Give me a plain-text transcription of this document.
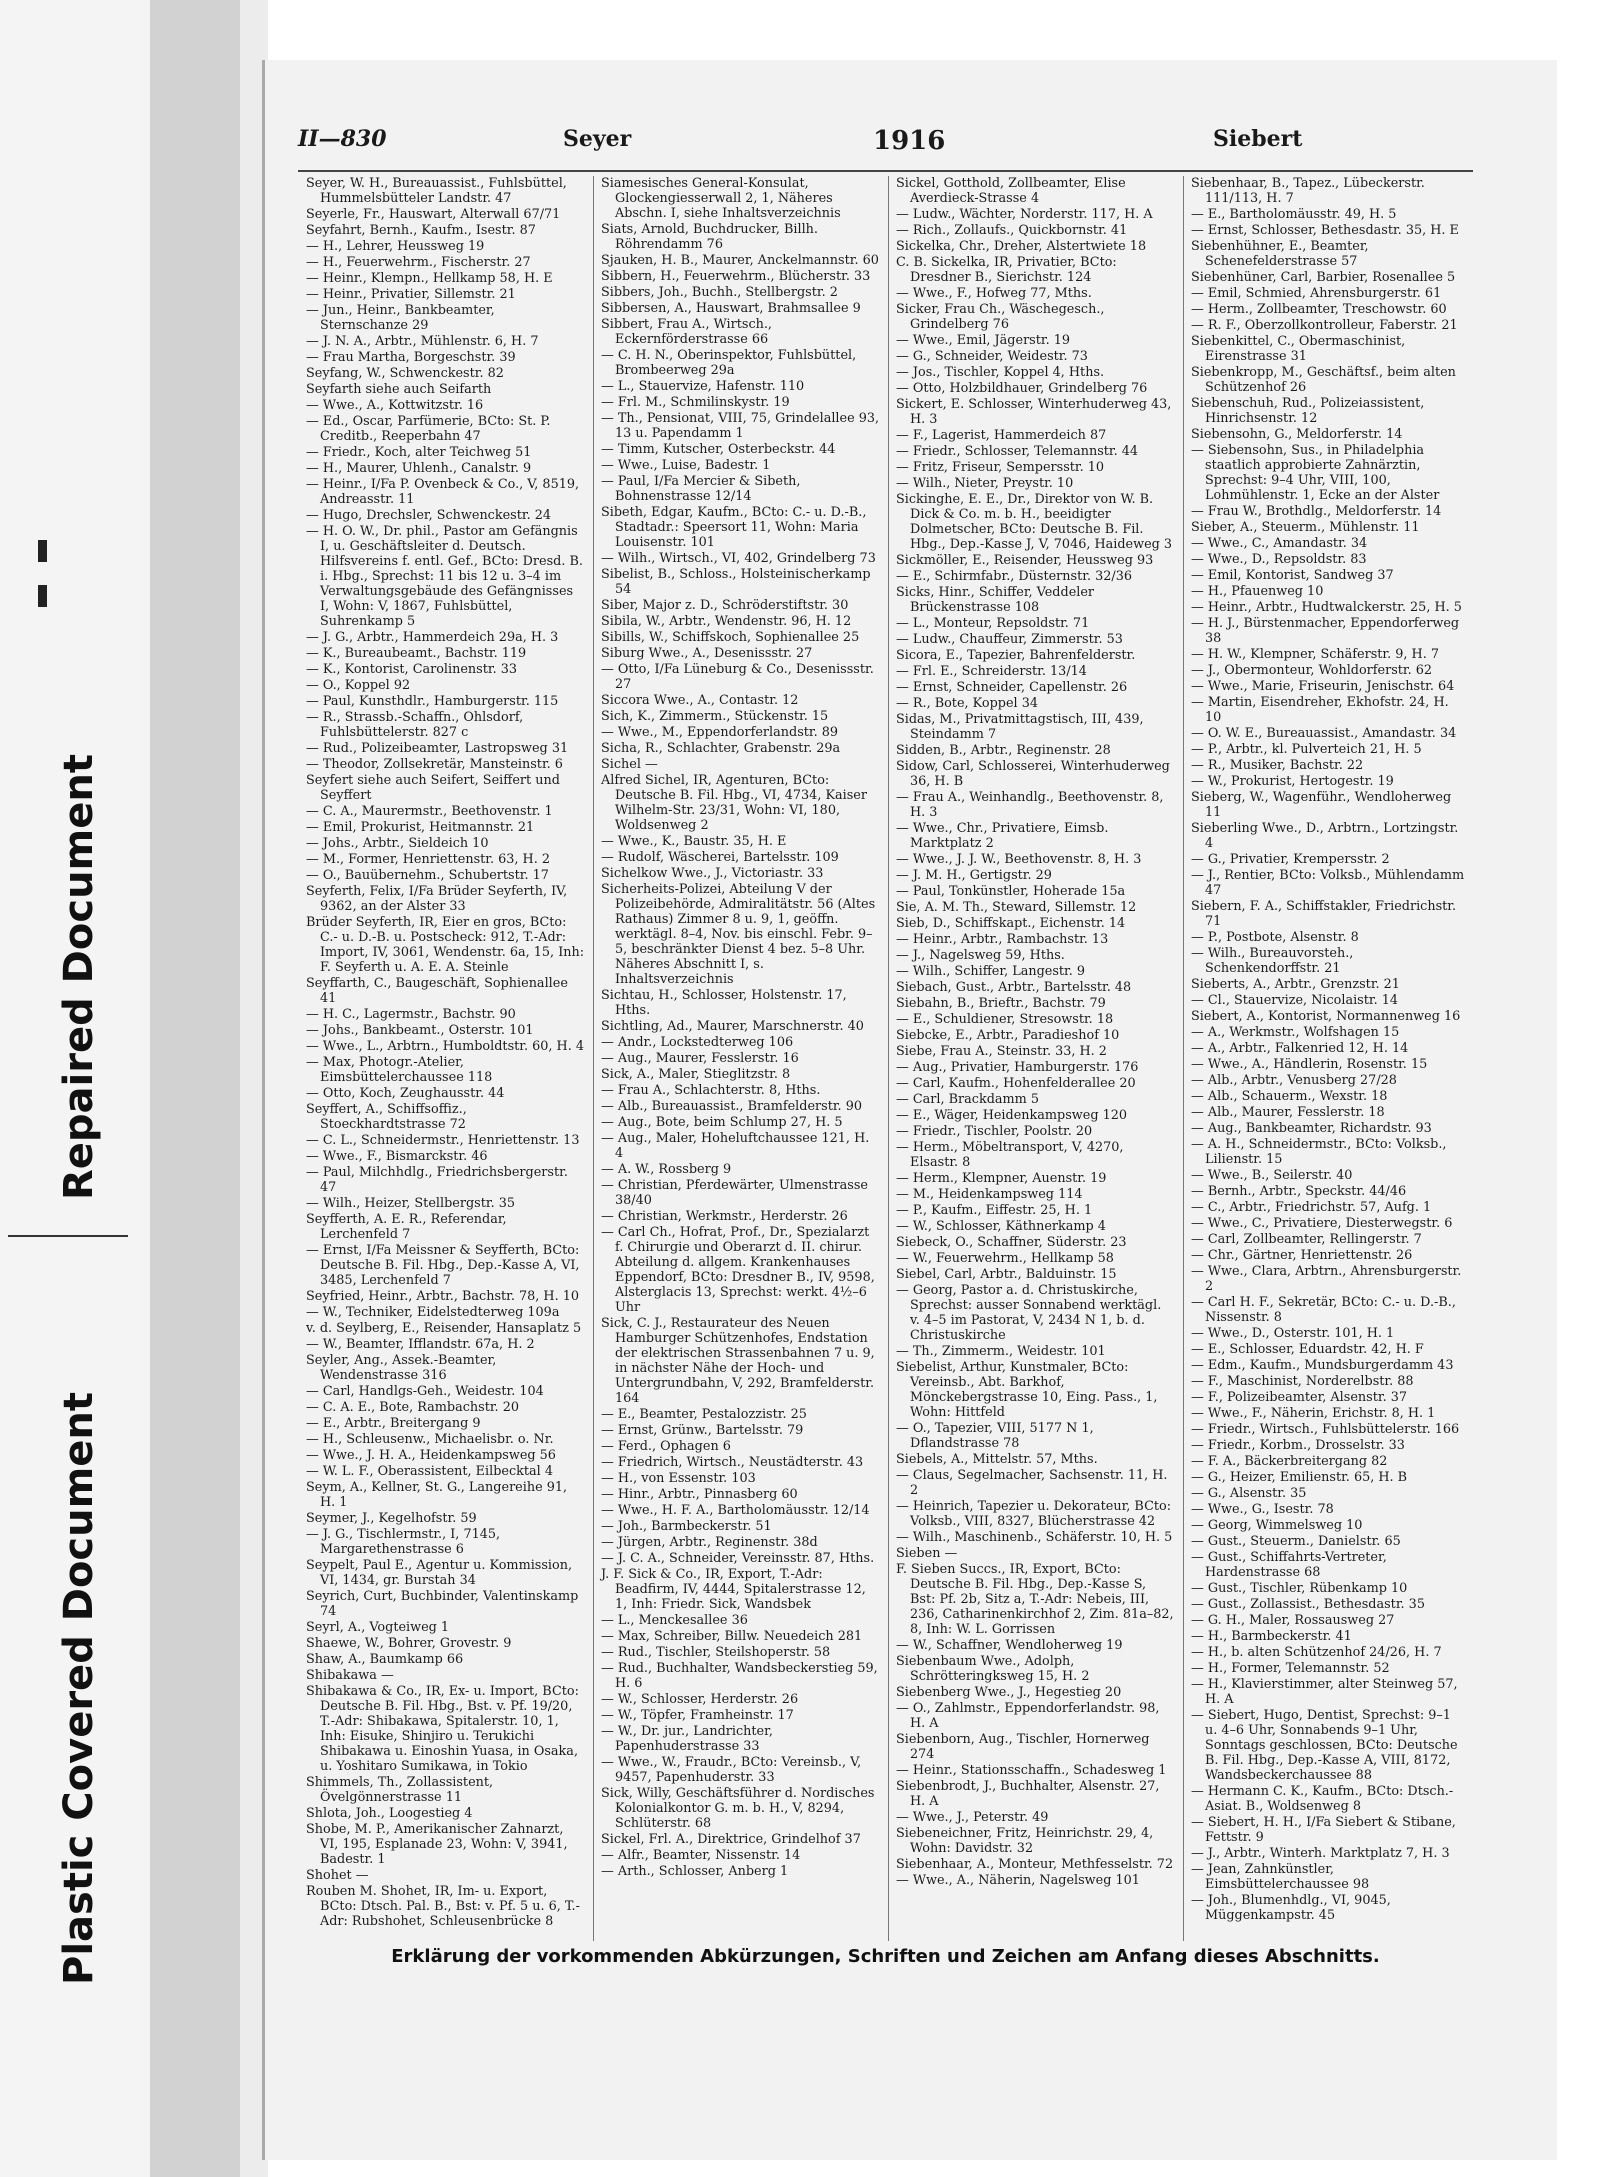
Repaired Document
Plastic Covered Document
II—830	Seyer	1916	Siebert
Seyer, W. H., Bureauassist., Fuhlsbüttel, Hummelsbütteler Landstr. 47
Seyerle, Fr., Hauswart, Alterwall 67/71
Seyfahrt, Bernh., Kaufm., Isestr. 87
— H., Lehrer, Heussweg 19
— H., Feuerwehrm., Fischerstr. 27
— Heinr., Klempn., Hellkamp 58, H. E
— Heinr., Privatier, Sillemstr. 21
— Jun., Heinr., Bankbeamter, Sternschanze 29
— J. N. A., Arbtr., Mühlenstr. 6, H. 7
— Frau Martha, Borgeschstr. 39
Seyfang, W., Schwenckestr. 82
Seyfarth siehe auch Seifarth
— Wwe., A., Kottwitzstr. 16
— Ed., Oscar, Parfümerie, BCto: St. P. Creditb., Reeperbahn 47
— Friedr., Koch, alter Teichweg 51
— H., Maurer, Uhlenh., Canalstr. 9
— Heinr., I/Fa P. Ovenbeck & Co., V, 8519, Andreasstr. 11
— Hugo, Drechsler, Schwenckestr. 24
— H. O. W., Dr. phil., Pastor am Gefängnis I, u. Geschäftsleiter d. Deutsch. Hilfsvereins f. entl. Gef., BCto: Dresd. B. i. Hbg., Sprechst: 11 bis 12 u. 3–4 im Verwaltungsgebäude des Gefängnisses I, Wohn: V, 1867, Fuhlsbüttel, Suhrenkamp 5
— J. G., Arbtr., Hammerdeich 29a, H. 3
— K., Bureaubeamt., Bachstr. 119
— K., Kontorist, Carolinenstr. 33
— O., Koppel 92
— Paul, Kunsthdlr., Hamburgerstr. 115
— R., Strassb.-Schaffn., Ohlsdorf, Fuhlsbüttelerstr. 827 c
— Rud., Polizeibeamter, Lastropsweg 31
— Theodor, Zollsekretär, Mansteinstr. 6
Seyfert siehe auch Seifert, Seiffert und Seyffert
— C. A., Maurermstr., Beethovenstr. 1
— Emil, Prokurist, Heitmannstr. 21
— Johs., Arbtr., Sieldeich 10
— M., Former, Henriettenstr. 63, H. 2
— O., Bauübernehm., Schubertstr. 17
Seyferth, Felix, I/Fa Brüder Seyferth, IV, 9362, an der Alster 33
Brüder Seyferth, IR, Eier en gros, BCto: C.- u. D.-B. u. Postscheck: 912, T.-Adr: Import, IV, 3061, Wendenstr. 6a, 15, Inh: F. Seyferth u. A. E. A. Steinle
Seyffarth, C., Baugeschäft, Sophienallee 41
— H. C., Lagermstr., Bachstr. 90
— Johs., Bankbeamt., Osterstr. 101
— Wwe., L., Arbtrn., Humboldtstr. 60, H. 4
— Max, Photogr.-Atelier, Eimsbüttelerchaussee 118
— Otto, Koch, Zeughausstr. 44
Seyffert, A., Schiffsoffiz., Stoeckhardtstrasse 72
— C. L., Schneidermstr., Henriettenstr. 13
— Wwe., F., Bismarckstr. 46
— Paul, Milchhdlg., Friedrichsbergerstr. 47
— Wilh., Heizer, Stellbergstr. 35
Seyfferth, A. E. R., Referendar, Lerchenfeld 7
— Ernst, I/Fa Meissner & Seyfferth, BCto: Deutsche B. Fil. Hbg., Dep.-Kasse A, VI, 3485, Lerchenfeld 7
Seyfried, Heinr., Arbtr., Bachstr. 78, H. 10
— W., Techniker, Eidelstedterweg 109a
v. d. Seylberg, E., Reisender, Hansaplatz 5
— W., Beamter, Ifflandstr. 67a, H. 2
Seyler, Ang., Assek.-Beamter, Wendenstrasse 316
— Carl, Handlgs-Geh., Weidestr. 104
— C. A. E., Bote, Rambachstr. 20
— E., Arbtr., Breitergang 9
— H., Schleusenw., Michaelisbr. o. Nr.
— Wwe., J. H. A., Heidenkampsweg 56
— W. L. F., Oberassistent, Eilbecktal 4
Seym, A., Kellner, St. G., Langereihe 91, H. 1
Seymer, J., Kegelhofstr. 59
— J. G., Tischlermstr., I, 7145, Margarethenstrasse 6
Seypelt, Paul E., Agentur u. Kommission, VI, 1434, gr. Burstah 34
Seyrich, Curt, Buchbinder, Valentinskamp 74
Seyrl, A., Vogteiweg 1
Shaewe, W., Bohrer, Grovestr. 9
Shaw, A., Baumkamp 66
Shibakawa —
Shibakawa & Co., IR, Ex- u. Import, BCto: Deutsche B. Fil. Hbg., Bst. v. Pf. 19/20, T.-Adr: Shibakawa, Spitalerstr. 10, 1, Inh: Eisuke, Shinjiro u. Terukichi Shibakawa u. Einoshin Yuasa, in Osaka, u. Yoshitaro Sumikawa, in Tokio
Shimmels, Th., Zollassistent, Övelgönnerstrasse 11
Shlota, Joh., Loogestieg 4
Shobe, M. P., Amerikanischer Zahnarzt, VI, 195, Esplanade 23, Wohn: V, 3941, Badestr. 1
Shohet —
Rouben M. Shohet, IR, Im- u. Export, BCto: Dtsch. Pal. B., Bst: v. Pf. 5 u. 6, T.-Adr: Rubshohet, Schleusenbrücke 8
Siamesisches General-Konsulat, Glockengiesserwall 2, 1, Näheres Abschn. I, siehe Inhaltsverzeichnis
Siats, Arnold, Buchdrucker, Billh. Röhrendamm 76
Sjauken, H. B., Maurer, Anckelmannstr. 60
Sibbern, H., Feuerwehrm., Blücherstr. 33
Sibbers, Joh., Buchh., Stellbergstr. 2
Sibbersen, A., Hauswart, Brahmsallee 9
Sibbert, Frau A., Wirtsch., Eckernförderstrasse 66
— C. H. N., Oberinspektor, Fuhlsbüttel, Brombeerweg 29a
— L., Stauervize, Hafenstr. 110
— Frl. M., Schmilinskystr. 19
— Th., Pensionat, VIII, 75, Grindelallee 93, 13 u. Papendamm 1
— Timm, Kutscher, Osterbeckstr. 44
— Wwe., Luise, Badestr. 1
— Paul, I/Fa Mercier & Sibeth, Bohnenstrasse 12/14
Sibeth, Edgar, Kaufm., BCto: C.- u. D.-B., Stadtadr.: Speersort 11, Wohn: Maria Louisenstr. 101
— Wilh., Wirtsch., VI, 402, Grindelberg 73
Sibelist, B., Schloss., Holsteinischerkamp 54
Siber, Major z. D., Schröderstiftstr. 30
Sibila, W., Arbtr., Wendenstr. 96, H. 12
Sibills, W., Schiffskoch, Sophienallee 25
Siburg Wwe., A., Desenissstr. 27
— Otto, I/Fa Lüneburg & Co., Desenissstr. 27
Siccora Wwe., A., Contastr. 12
Sich, K., Zimmerm., Stückenstr. 15
— Wwe., M., Eppendorferlandstr. 89
Sicha, R., Schlachter, Grabenstr. 29a
Sichel —
Alfred Sichel, IR, Agenturen, BCto: Deutsche B. Fil. Hbg., VI, 4734, Kaiser Wilhelm-Str. 23/31, Wohn: VI, 180, Woldsenweg 2
— Wwe., K., Baustr. 35, H. E
— Rudolf, Wäscherei, Bartelsstr. 109
Sichelkow Wwe., J., Victoriastr. 33
Sicherheits-Polizei, Abteilung V der Polizeibehörde, Admiralitätstr. 56 (Altes Rathaus) Zimmer 8 u. 9, 1, geöffn. werktägl. 8–4, Nov. bis einschl. Febr. 9–5, beschränkter Dienst 4 bez. 5–8 Uhr. Näheres Abschnitt I, s. Inhaltsverzeichnis
Sichtau, H., Schlosser, Holstenstr. 17, Hths.
Sichtling, Ad., Maurer, Marschnerstr. 40
— Andr., Lockstedterweg 106
— Aug., Maurer, Fesslerstr. 16
Sick, A., Maler, Stieglitzstr. 8
— Frau A., Schlachterstr. 8, Hths.
— Alb., Bureauassist., Bramfelderstr. 90
— Aug., Bote, beim Schlump 27, H. 5
— Aug., Maler, Hoheluftchaussee 121, H. 4
— A. W., Rossberg 9
— Christian, Pferdewärter, Ulmenstrasse 38/40
— Christian, Werkmstr., Herderstr. 26
— Carl Ch., Hofrat, Prof., Dr., Spezialarzt f. Chirurgie und Oberarzt d. II. chirur. Abteilung d. allgem. Krankenhauses Eppendorf, BCto: Dresdner B., IV, 9598, Alsterglacis 13, Sprechst: werkt. 4½–6 Uhr
Sick, C. J., Restaurateur des Neuen Hamburger Schützenhofes, Endstation der elektrischen Strassenbahnen 7 u. 9, in nächster Nähe der Hoch- und Untergrundbahn, V, 292, Bramfelderstr. 164
— E., Beamter, Pestalozzistr. 25
— Ernst, Grünw., Bartelsstr. 79
— Ferd., Ophagen 6
— Friedrich, Wirtsch., Neustädterstr. 43
— H., von Essenstr. 103
— Hinr., Arbtr., Pinnasberg 60
— Wwe., H. F. A., Bartholomäusstr. 12/14
— Joh., Barmbeckerstr. 51
— Jürgen, Arbtr., Reginenstr. 38d
— J. C. A., Schneider, Vereinsstr. 87, Hths.
J. F. Sick & Co., IR, Export, T.-Adr: Beadfirm, IV, 4444, Spitalerstrasse 12, 1, Inh: Friedr. Sick, Wandsbek
— L., Menckesallee 36
— Max, Schreiber, Billw. Neuedeich 281
— Rud., Tischler, Steilshoperstr. 58
— Rud., Buchhalter, Wandsbeckerstieg 59, H. 6
— W., Schlosser, Herderstr. 26
— W., Töpfer, Framheinstr. 17
— W., Dr. jur., Landrichter, Papenhuderstrasse 33
— Wwe., W., Fraudr., BCto: Vereinsb., V, 9457, Papenhuderstr. 33
Sick, Willy, Geschäftsführer d. Nordisches Kolonialkontor G. m. b. H., V, 8294, Schlüterstr. 68
Sickel, Frl. A., Direktrice, Grindelhof 37
— Alfr., Beamter, Nissenstr. 14
— Arth., Schlosser, Anberg 1
Sickel, Gotthold, Zollbeamter, Elise Averdieck-Strasse 4
— Ludw., Wächter, Norderstr. 117, H. A
— Rich., Zollaufs., Quickbornstr. 41
Sickelka, Chr., Dreher, Alstertwiete 18
C. B. Sickelka, IR, Privatier, BCto: Dresdner B., Sierichstr. 124
— Wwe., F., Hofweg 77, Mths.
Sicker, Frau Ch., Wäschegesch., Grindelberg 76
— Wwe., Emil, Jägerstr. 19
— G., Schneider, Weidestr. 73
— Jos., Tischler, Koppel 4, Hths.
— Otto, Holzbildhauer, Grindelberg 76
Sickert, E. Schlosser, Winterhuderweg 43, H. 3
— F., Lagerist, Hammerdeich 87
— Friedr., Schlosser, Telemannstr. 44
— Fritz, Friseur, Sempersstr. 10
— Wilh., Nieter, Preystr. 10
Sickinghe, E. E., Dr., Direktor von W. B. Dick & Co. m. b. H., beeidigter Dolmetscher, BCto: Deutsche B. Fil. Hbg., Dep.-Kasse J, V, 7046, Haideweg 3
Sickmöller, E., Reisender, Heussweg 93
— E., Schirmfabr., Düsternstr. 32/36
Sicks, Hinr., Schiffer, Veddeler Brückenstrasse 108
— L., Monteur, Repsoldstr. 71
— Ludw., Chauffeur, Zimmerstr. 53
Sicora, E., Tapezier, Bahrenfelderstr.
— Frl. E., Schreiderstr. 13/14
— Ernst, Schneider, Capellenstr. 26
— R., Bote, Koppel 34
Sidas, M., Privatmittagstisch, III, 439, Steindamm 7
Sidden, B., Arbtr., Reginenstr. 28
Sidow, Carl, Schlosserei, Winterhuderweg 36, H. B
— Frau A., Weinhandlg., Beethovenstr. 8, H. 3
— Wwe., Chr., Privatiere, Eimsb. Marktplatz 2
— Wwe., J. J. W., Beethovenstr. 8, H. 3
— J. M. H., Gertigstr. 29
— Paul, Tonkünstler, Hoherade 15a
Sie, A. M. Th., Steward, Sillemstr. 12
Sieb, D., Schiffskapt., Eichenstr. 14
— Heinr., Arbtr., Rambachstr. 13
— J., Nagelsweg 59, Hths.
— Wilh., Schiffer, Langestr. 9
Siebach, Gust., Arbtr., Bartelsstr. 48
Siebahn, B., Brieftr., Bachstr. 79
— E., Schuldiener, Stresowstr. 18
Siebcke, E., Arbtr., Paradieshof 10
Siebe, Frau A., Steinstr. 33, H. 2
— Aug., Privatier, Hamburgerstr. 176
— Carl, Kaufm., Hohenfelderallee 20
— Carl, Brackdamm 5
— E., Wäger, Heidenkampsweg 120
— Friedr., Tischler, Poolstr. 20
— Herm., Möbeltransport, V, 4270, Elsastr. 8
— Herm., Klempner, Auenstr. 19
— M., Heidenkampsweg 114
— P., Kaufm., Eiffestr. 25, H. 1
— W., Schlosser, Käthnerkamp 4
Siebeck, O., Schaffner, Süderstr. 23
— W., Feuerwehrm., Hellkamp 58
Siebel, Carl, Arbtr., Balduinstr. 15
— Georg, Pastor a. d. Christuskirche, Sprechst: ausser Sonnabend werktägl. v. 4–5 im Pastorat, V, 2434 N 1, b. d. Christuskirche
— Th., Zimmerm., Weidestr. 101
Siebelist, Arthur, Kunstmaler, BCto: Vereinsb., Abt. Barkhof, Mönckebergstrasse 10, Eing. Pass., 1, Wohn: Hittfeld
— O., Tapezier, VIII, 5177 N 1, Dflandstrasse 78
Siebels, A., Mittelstr. 57, Mths.
— Claus, Segelmacher, Sachsenstr. 11, H. 2
— Heinrich, Tapezier u. Dekorateur, BCto: Volksb., VIII, 8327, Blücherstrasse 42
— Wilh., Maschinenb., Schäferstr. 10, H. 5
Sieben —
F. Sieben Succs., IR, Export, BCto: Deutsche B. Fil. Hbg., Dep.-Kasse S, Bst: Pf. 2b, Sitz a, T.-Adr: Nebeis, III, 236, Catharinenkirchhof 2, Zim. 81a–82, 8, Inh: W. L. Gorrissen
— W., Schaffner, Wendloherweg 19
Siebenbaum Wwe., Adolph, Schrötteringksweg 15, H. 2
Siebenberg Wwe., J., Hegestieg 20
— O., Zahlmstr., Eppendorferlandstr. 98, H. A
Siebenborn, Aug., Tischler, Hornerweg 274
— Heinr., Stationsschaffn., Schadesweg 1
Siebenbrodt, J., Buchhalter, Alsenstr. 27, H. A
— Wwe., J., Peterstr. 49
Siebeneichner, Fritz, Heinrichstr. 29, 4, Wohn: Davidstr. 32
Siebenhaar, A., Monteur, Methfesselstr. 72
— Wwe., A., Näherin, Nagelsweg 101
Siebenhaar, B., Tapez., Lübeckerstr. 111/113, H. 7
— E., Bartholomäusstr. 49, H. 5
— Ernst, Schlosser, Bethesdastr. 35, H. E
Siebenhühner, E., Beamter, Schenefelderstrasse 57
Siebenhüner, Carl, Barbier, Rosenallee 5
— Emil, Schmied, Ahrensburgerstr. 61
— Herm., Zollbeamter, Treschowstr. 60
— R. F., Oberzollkontrolleur, Faberstr. 21
Siebenkittel, C., Obermaschinist, Eirenstrasse 31
Siebenkropp, M., Geschäftsf., beim alten Schützenhof 26
Siebenschuh, Rud., Polizeiassistent, Hinrichsenstr. 12
Siebensohn, G., Meldorferstr. 14
— Siebensohn, Sus., in Philadelphia staatlich approbierte Zahnärztin, Sprechst: 9–4 Uhr, VIII, 100, Lohmühlenstr. 1, Ecke an der Alster
— Frau W., Brothdlg., Meldorferstr. 14
Sieber, A., Steuerm., Mühlenstr. 11
— Wwe., C., Amandastr. 34
— Wwe., D., Repsoldstr. 83
— Emil, Kontorist, Sandweg 37
— H., Pfauenweg 10
— Heinr., Arbtr., Hudtwalckerstr. 25, H. 5
— H. J., Bürstenmacher, Eppendorferweg 38
— H. W., Klempner, Schäferstr. 9, H. 7
— J., Obermonteur, Wohldorferstr. 62
— Wwe., Marie, Friseurin, Jenischstr. 64
— Martin, Eisendreher, Ekhofstr. 24, H. 10
— O. W. E., Bureauassist., Amandastr. 34
— P., Arbtr., kl. Pulverteich 21, H. 5
— R., Musiker, Bachstr. 22
— W., Prokurist, Hertogestr. 19
Sieberg, W., Wagenführ., Wendloherweg 11
Sieberling Wwe., D., Arbtrn., Lortzingstr. 4
— G., Privatier, Krempersstr. 2
— J., Rentier, BCto: Volksb., Mühlendamm 47
Siebern, F. A., Schiffstakler, Friedrichstr. 71
— P., Postbote, Alsenstr. 8
— Wilh., Bureauvorsteh., Schenkendorffstr. 21
Sieberts, A., Arbtr., Grenzstr. 21
— Cl., Stauervize, Nicolaistr. 14
Siebert, A., Kontorist, Normannenweg 16
— A., Werkmstr., Wolfshagen 15
— A., Arbtr., Falkenried 12, H. 14
— Wwe., A., Händlerin, Rosenstr. 15
— Alb., Arbtr., Venusberg 27/28
— Alb., Schauerm., Wexstr. 18
— Alb., Maurer, Fesslerstr. 18
— Aug., Bankbeamter, Richardstr. 93
— A. H., Schneidermstr., BCto: Volksb., Lilienstr. 15
— Wwe., B., Seilerstr. 40
— Bernh., Arbtr., Speckstr. 44/46
— C., Arbtr., Friedrichstr. 57, Aufg. 1
— Wwe., C., Privatiere, Diesterwegstr. 6
— Carl, Zollbeamter, Rellingerstr. 7
— Chr., Gärtner, Henriettenstr. 26
— Wwe., Clara, Arbtrn., Ahrensburgerstr. 2
— Carl H. F., Sekretär, BCto: C.- u. D.-B., Nissenstr. 8
— Wwe., D., Osterstr. 101, H. 1
— E., Schlosser, Eduardstr. 42, H. F
— Edm., Kaufm., Mundsburgerdamm 43
— F., Maschinist, Norderelbstr. 88
— F., Polizeibeamter, Alsenstr. 37
— Wwe., F., Näherin, Erichstr. 8, H. 1
— Friedr., Wirtsch., Fuhlsbüttelerstr. 166
— Friedr., Korbm., Drosselstr. 33
— F. A., Bäckerbreitergang 82
— G., Heizer, Emilienstr. 65, H. B
— G., Alsenstr. 35
— Wwe., G., Isestr. 78
— Georg, Wimmelsweg 10
— Gust., Steuerm., Danielstr. 65
— Gust., Schiffahrts-Vertreter, Hardenstrasse 68
— Gust., Tischler, Rübenkamp 10
— Gust., Zollassist., Bethesdastr. 35
— G. H., Maler, Rossausweg 27
— H., Barmbeckerstr. 41
— H., b. alten Schützenhof 24/26, H. 7
— H., Former, Telemannstr. 52
— H., Klavierstimmer, alter Steinweg 57, H. A
— Siebert, Hugo, Dentist, Sprechst: 9–1 u. 4–6 Uhr, Sonnabends 9–1 Uhr, Sonntags geschlossen, BCto: Deutsche B. Fil. Hbg., Dep.-Kasse A, VIII, 8172, Wandsbeckerchaussee 88
— Hermann C. K., Kaufm., BCto: Dtsch.-Asiat. B., Woldsenweg 8
— Siebert, H. H., I/Fa Siebert & Stibane, Fettstr. 9
— J., Arbtr., Winterh. Marktplatz 7, H. 3
— Jean, Zahnkünstler, Eimsbüttelerchaussee 98
— Joh., Blumenhdlg., VI, 9045, Müggenkampstr. 45
Erklärung der vorkommenden Abkürzungen, Schriften und Zeichen am Anfang dieses Abschnitts.
